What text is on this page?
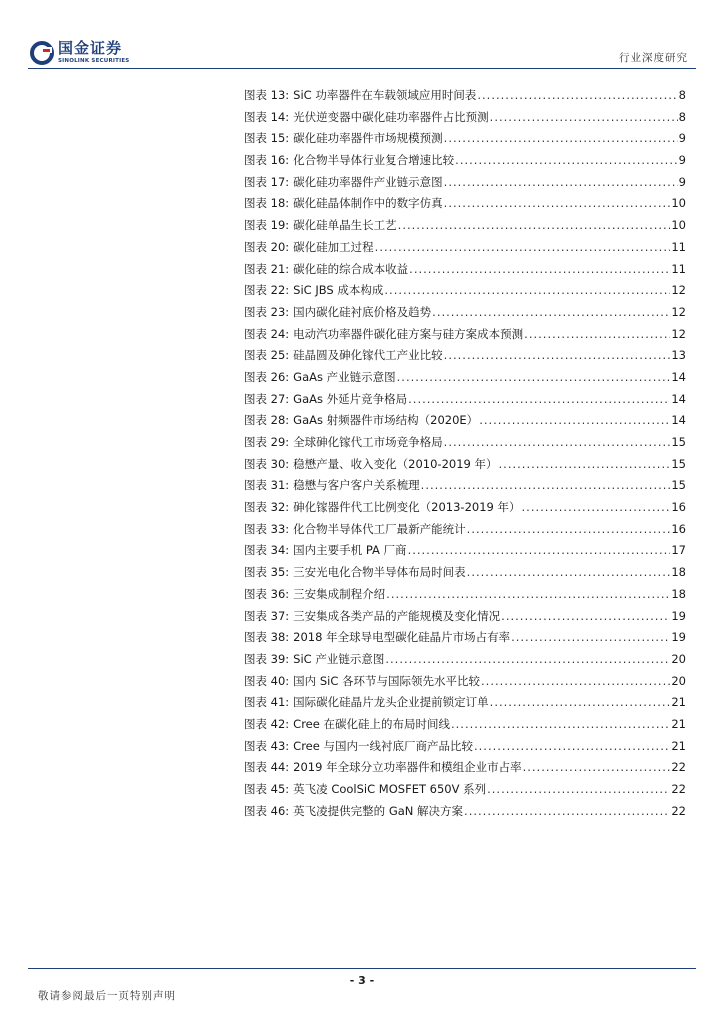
国金证券
SINOLINK SECURITIES	行业深度研究
图表 13: SiC 功率器件在车载领域应用时间表 .....	8
图表 14: 光伏逆变器中碳化硅功率器件占比预测 .....	8
图表 15: 碳化硅功率器件市场规模预测 .....	9
图表 16: 化合物半导体行业复合增速比较 .....	9
图表 17: 碳化硅功率器件产业链示意图 .....	9
图表 18: 碳化硅晶体制作中的数字仿真 .....	10
图表 19: 碳化硅单晶生长工艺 .....	10
图表 20: 碳化硅加工过程 .....	11
图表 21: 碳化硅的综合成本收益 .....	11
图表 22: SiC JBS 成本构成 .....	12
图表 23: 国内碳化硅衬底价格及趋势 .....	12
图表 24: 电动汽功率器件碳化硅方案与硅方案成本预测 .....	12
图表 25: 硅晶圆及砷化镓代工产业比较 .....	13
图表 26: GaAs 产业链示意图 .....	14
图表 27: GaAs 外延片竞争格局 .....	14
图表 28: GaAs 射频器件市场结构（2020E） .....	14
图表 29: 全球砷化镓代工市场竞争格局 .....	15
图表 30: 稳懋产量、收入变化（2010-2019 年） .....	15
图表 31: 稳懋与客户客户关系梳理 .....	15
图表 32: 砷化镓器件代工比例变化（2013-2019 年） .....	16
图表 33: 化合物半导体代工厂最新产能统计 .....	16
图表 34: 国内主要手机 PA 厂商 .....	17
图表 35: 三安光电化合物半导体布局时间表 .....	18
图表 36: 三安集成制程介绍 .....	18
图表 37: 三安集成各类产品的产能规模及变化情况 .....	19
图表 38: 2018 年全球导电型碳化硅晶片市场占有率 .....	19
图表 39: SiC 产业链示意图 .....	20
图表 40: 国内 SiC 各环节与国际领先水平比较 .....	20
图表 41: 国际碳化硅晶片龙头企业提前锁定订单 .....	21
图表 42: Cree 在碳化硅上的布局时间线 .....	21
图表 43: Cree 与国内一线衬底厂商产品比较 .....	21
图表 44: 2019 年全球分立功率器件和模组企业市占率 .....	22
图表 45: 英飞凌 CoolSiC MOSFET 650V 系列 .....	22
图表 46: 英飞凌提供完整的 GaN 解决方案 .....	22
- 3 -
敬请参阅最后一页特别声明
